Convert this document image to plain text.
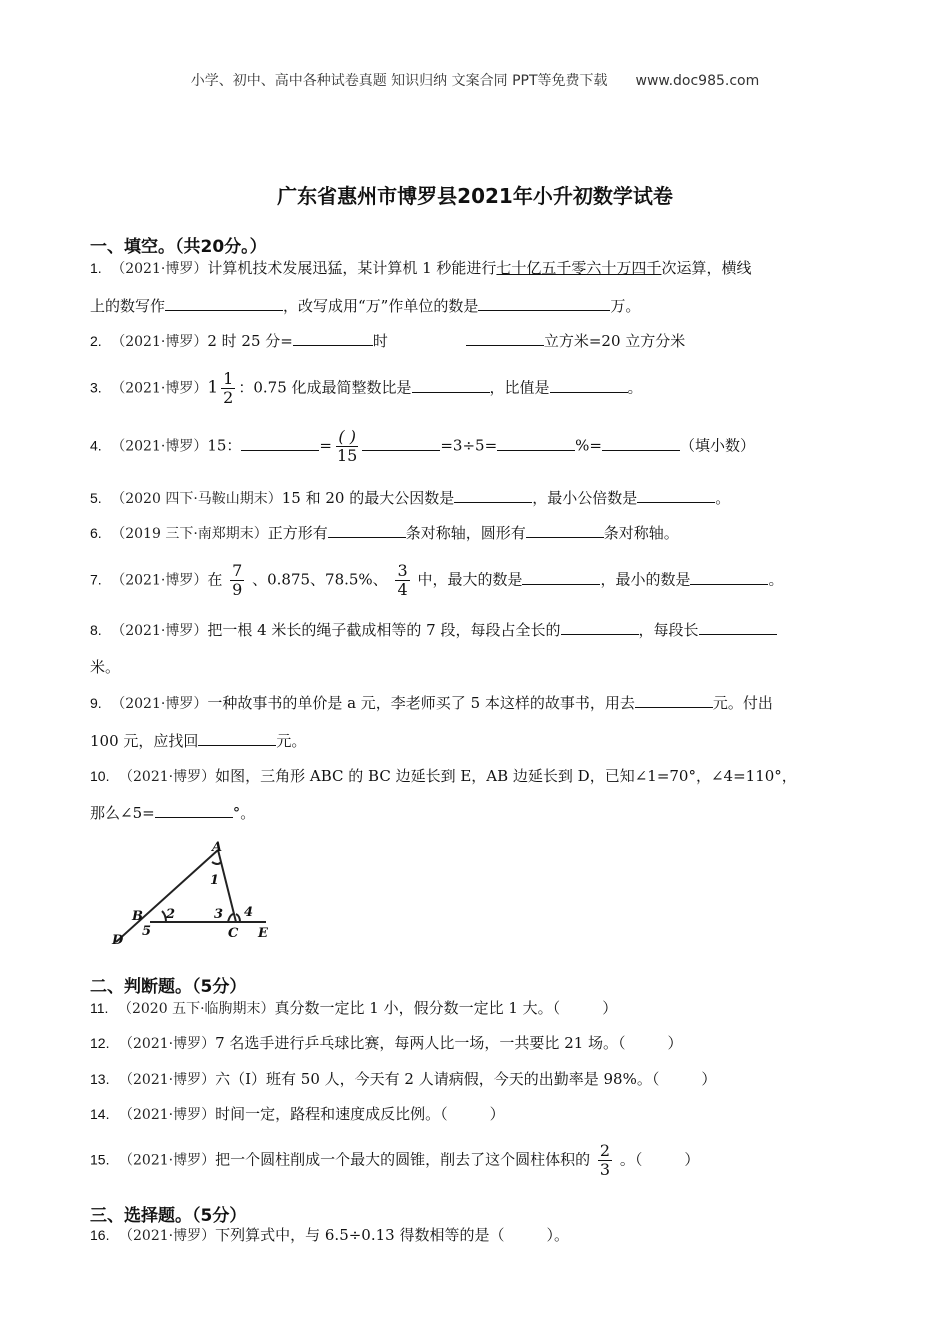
小学、初中、高中各种试卷真题 知识归纳 文案合同 PPT等免费下载 www.doc985.com
广东省惠州市博罗县2021年小升初数学试卷
一、填空。（共20分。）
1. （2021·博罗）计算机技术发展迅猛，某计算机 1 秒能进行七十亿五千零六十万四千次运算，横线
上的数写作	，改写成用“万”作单位的数是	万。
2. （2021·博罗）2 时 25 分=	时	立方米=20 立方分米
3. （2021·博罗）$1 \frac{1}{2}$ ：0.75 化成最简整数比是	，比值是	。
4. （2021·博罗）15：	= $\frac{( )}{15}$	=3÷5=	%=	（填小数）
5. （2020 四下·马鞍山期末）15 和 20 的最大公因数是	，最小公倍数是	。
6. （2019 三下·南郑期末）正方形有	条对称轴，圆形有	条对称轴。
7. （2021·博罗）在 $\frac{7}{9}$ 、0.875、78.5%、 $\frac{3}{4}$ 中，最大的数是	，最小的数是	。
8. （2021·博罗）把一根 4 米长的绳子截成相等的 7 段，每段占全长的	，每段长
米。
9. （2021·博罗）一种故事书的单价是 a 元，李老师买了 5 本这样的故事书，用去	元。付出
100 元，应找回	元。
10. （2021·博罗）如图，三角形 ABC 的 BC 边延长到 E，AB 边延长到 D，已知∠1=70°，∠4=110°，
那么∠5=	°。
A
B
C
D	E
1
2	3 4
5
二、判断题。（5分）
11. （2020 五下·临朐期末）真分数一定比 1 小，假分数一定比 1 大。（	）
12. （2021·博罗）7 名选手进行乒乓球比赛，每两人比一场，一共要比 21 场。（	）
13. （2021·博罗）六（I）班有 50 人，今天有 2 人请病假，今天的出勤率是 98%。（	）
14. （2021·博罗）时间一定，路程和速度成反比例。（	）
15. （2021·博罗）把一个圆柱削成一个最大的圆锥，削去了这个圆柱体积的 $\frac{2}{3}$ 。（	）
三、选择题。（5分）
16. （2021·博罗）下列算式中，与 6.5÷0.13 得数相等的是（	）。
